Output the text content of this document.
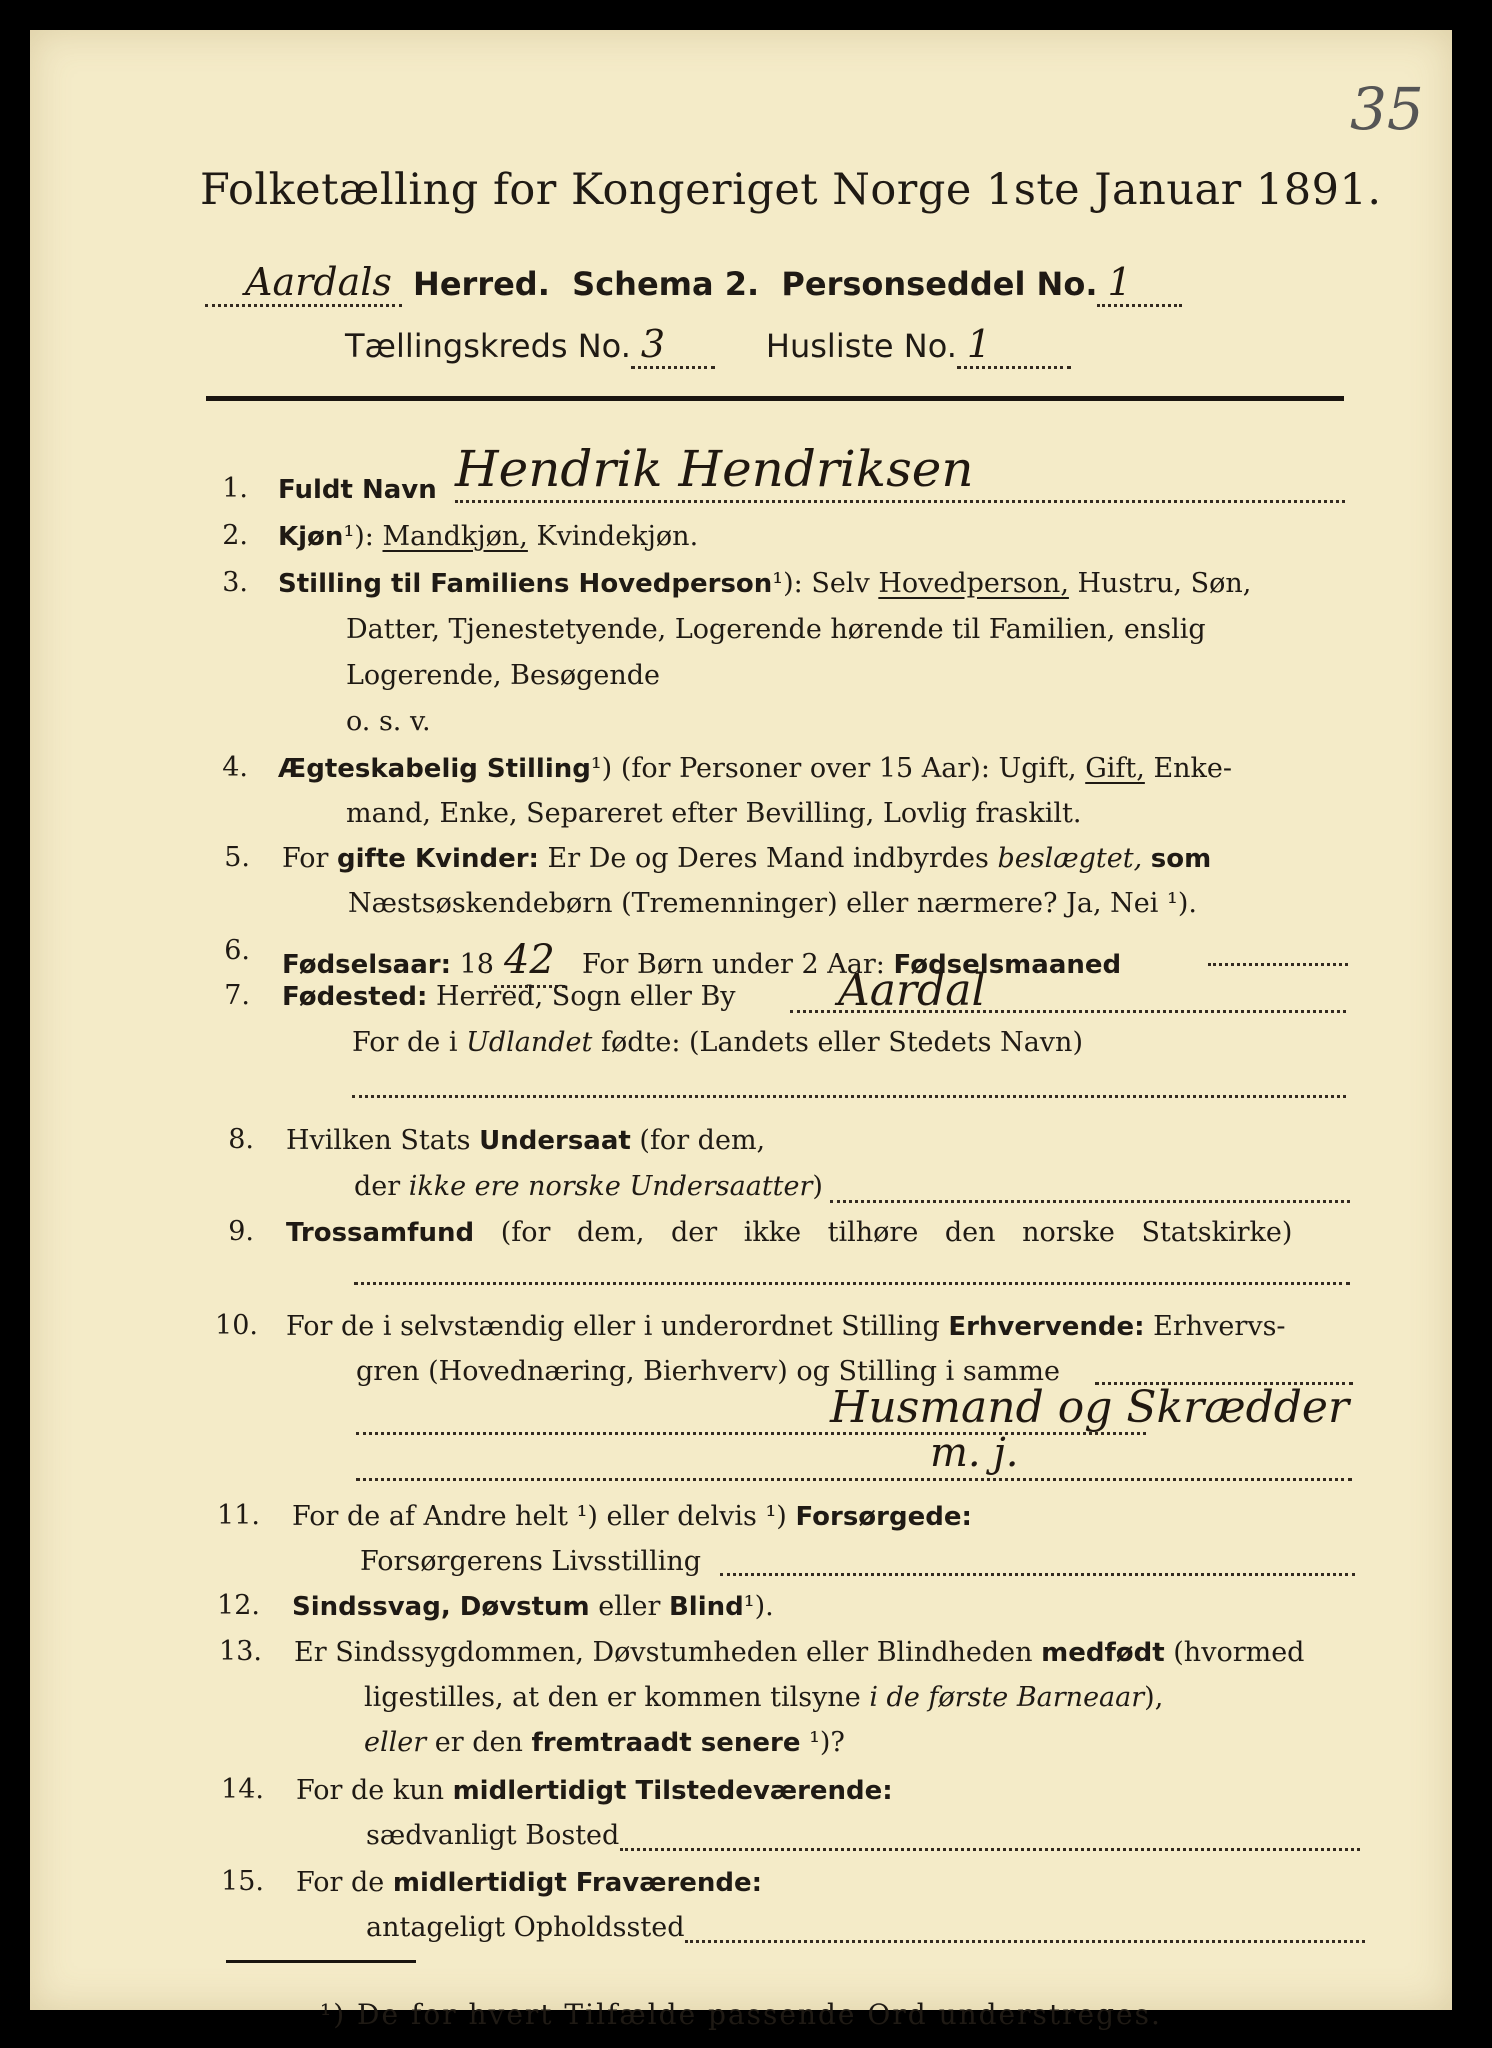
35
Folketælling for Kongeriget Norge 1ste Januar 1891.
Aardals Herred. Schema 2. Personseddel No. 1
Tællingskreds No. 3	Husliste No. 1
1. Fuldt Navn Hendrik Hendriksen
2. Kjøn¹): Mandkjøn, Kvindekjøn.
3. Stilling til Familiens Hovedperson¹): Selv Hovedperson, Hustru, Søn,
Datter, Tjenestetyende, Logerende hørende til Familien, enslig
Logerende, Besøgende
o. s. v.
4. Ægteskabelig Stilling¹) (for Personer over 15 Aar): Ugift, Gift, Enke-
mand, Enke, Separeret efter Bevilling, Lovlig fraskilt.
5. For gifte Kvinder: Er De og Deres Mand indbyrdes beslægtet, som
Næstsøskendebørn (Tremenninger) eller nærmere? Ja, Nei ¹).
6. Fødselsaar: 18 42 For Børn under 2 Aar: Fødselsmaaned
7. Fødested: Herred, Sogn eller By Aardal
For de i Udlandet fødte: (Landets eller Stedets Navn)
8. Hvilken Stats Undersaat (for dem,
der ikke ere norske Undersaatter)
9. Trossamfund (for dem, der ikke tilhøre den norske Statskirke)
10. For de i selvstændig eller i underordnet Stilling Erhvervende: Erhvervs-
gren (Hovednæring, Bierhverv) og Stilling i samme
Husmand og Skrædder
m. j.
11. For de af Andre helt ¹) eller delvis ¹) Forsørgede:
Forsørgerens Livsstilling
12. Sindssvag, Døvstum eller Blind¹).
13. Er Sindssygdommen, Døvstumheden eller Blindheden medfødt (hvormed
ligestilles, at den er kommen tilsyne i de første Barneaar),
eller er den fremtraadt senere ¹)?
14. For de kun midlertidigt Tilstedeværende:
sædvanligt Bosted
15. For de midlertidigt Fraværende:
antageligt Opholdssted
¹) De for hvert Tilfælde passende Ord understreges.
